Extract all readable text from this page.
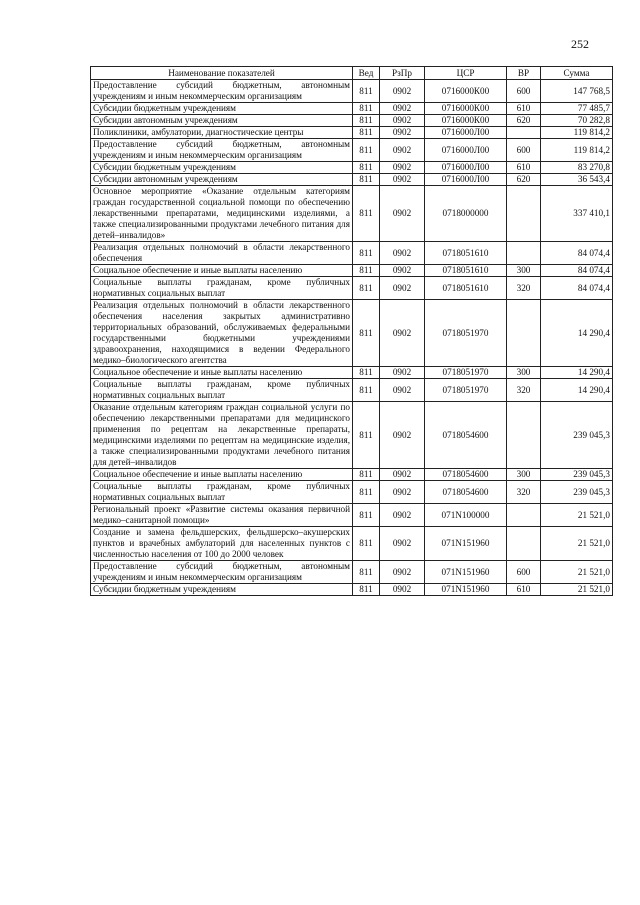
252
Наименование показателей	Вед	РзПр	ЦСР	ВР	Сумма
Предоставление субсидий бюджетным, автономным учреждениям и иным некоммерческим организациям	811	0902	0716000К00	600	147 768,5
Субсидии бюджетным учреждениям	811	0902	0716000К00	610	77 485,7
Субсидии автономным учреждениям	811	0902	0716000К00	620	70 282,8
Поликлиники, амбулатории, диагностические центры	811	0902	0716000Л00		119 814,2
Предоставление субсидий бюджетным, автономным учреждениям и иным некоммерческим организациям	811	0902	0716000Л00	600	119 814,2
Субсидии бюджетным учреждениям	811	0902	0716000Л00	610	83 270,8
Субсидии автономным учреждениям	811	0902	0716000Л00	620	36 543,4
Основное мероприятие «Оказание отдельным категориям граждан государственной социальной помощи по обеспечению лекарственными препаратами, медицинскими изделиями, а также специализированными продуктами лечебного питания для детей–инвалидов»	811	0902	0718000000		337 410,1
Реализация отдельных полномочий в области лекарственного обеспечения	811	0902	0718051610		84 074,4
Социальное обеспечение и иные выплаты населению	811	0902	0718051610	300	84 074,4
Социальные выплаты гражданам, кроме публичных нормативных социальных выплат	811	0902	0718051610	320	84 074,4
Реализация отдельных полномочий в области лекарственного обеспечения населения закрытых административно территориальных образований, обслуживаемых федеральными государственными бюджетными учреждениями здравоохранения, находящимися в ведении Федерального медико–биологического агентства	811	0902	0718051970		14 290,4
Социальное обеспечение и иные выплаты населению	811	0902	0718051970	300	14 290,4
Социальные выплаты гражданам, кроме публичных нормативных социальных выплат	811	0902	0718051970	320	14 290,4
Оказание отдельным категориям граждан социальной услуги по обеспечению лекарственными препаратами для медицинского применения по рецептам на лекарственные препараты, медицинскими изделиями по рецептам на медицинские изделия, а также специализированными продуктами лечебного питания для детей–инвалидов	811	0902	0718054600		239 045,3
Социальное обеспечение и иные выплаты населению	811	0902	0718054600	300	239 045,3
Социальные выплаты гражданам, кроме публичных нормативных социальных выплат	811	0902	0718054600	320	239 045,3
Региональный проект «Развитие системы оказания первичной медико–санитарной помощи»	811	0902	071N100000		21 521,0
Создание и замена фельдшерских, фельдшерско–акушерских пунктов и врачебных амбулаторий для населенных пунктов с численностью населения от 100 до 2000 человек	811	0902	071N151960		21 521,0
Предоставление субсидий бюджетным, автономным учреждениям и иным некоммерческим организациям	811	0902	071N151960	600	21 521,0
Субсидии бюджетным учреждениям	811	0902	071N151960	610	21 521,0
